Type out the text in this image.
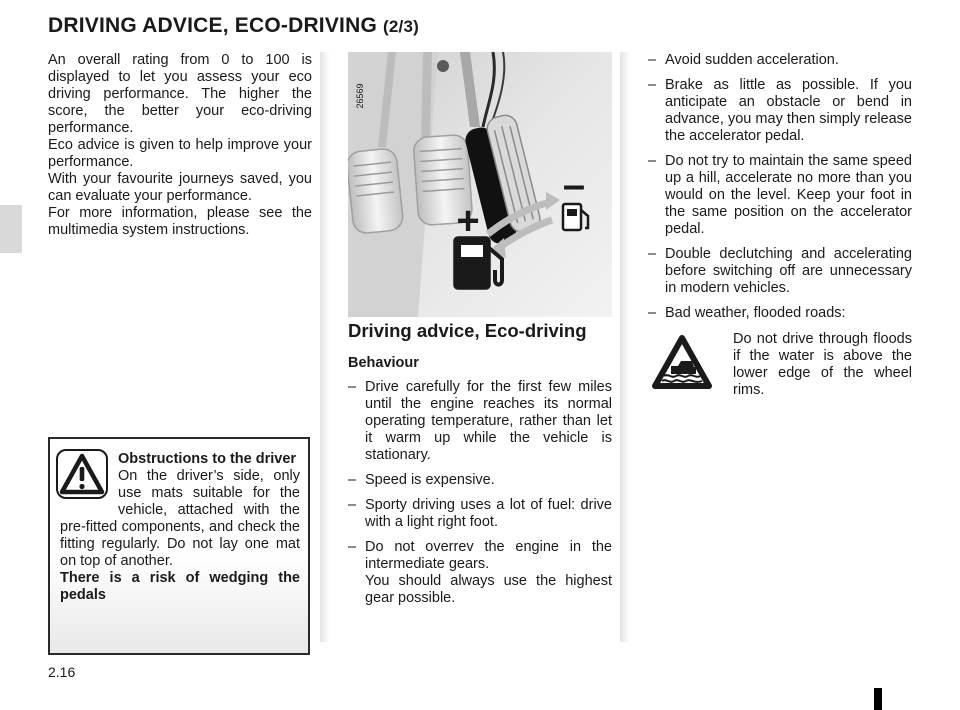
DRIVING ADVICE, ECO-DRIVING (2/3)

An overall rating from 0 to 100 is displayed to let you assess your eco driving performance. The higher the score, the better your eco-driving performance.

Eco advice is given to help improve your performance.

With your favourite journeys saved, you can evaluate your performance.

For more information, please see the multimedia system instructions.

Obstructions to the driver
On the driver’s side, only use mats suitable for the vehicle, attached with the pre-fitted components, and check the fitting regularly. Do not lay one mat on top of another.
There is a risk of wedging the pedals
+
–
26569
Driving advice, Eco-driving
Behaviour
– Drive carefully for the first few miles until the engine reaches its normal operating temperature, rather than let it warm up while the vehicle is stationary.
– Speed is expensive.
– Sporty driving uses a lot of fuel: drive with a light right foot.
– Do not overrev the engine in the intermediate gears.
You should always use the highest gear possible.
– Avoid sudden acceleration.
– Brake as little as possible. If you anticipate an obstacle or bend in advance, you may then simply release the accelerator pedal.
– Do not try to maintain the same speed up a hill, accelerate no more than you would on the level. Keep your foot in the same position on the accelerator pedal.
– Double declutching and accelerating before switching off are unnecessary in modern vehicles.
– Bad weather, flooded roads:
Do not drive through floods if the water is above the lower edge of the wheel rims.
2.16
